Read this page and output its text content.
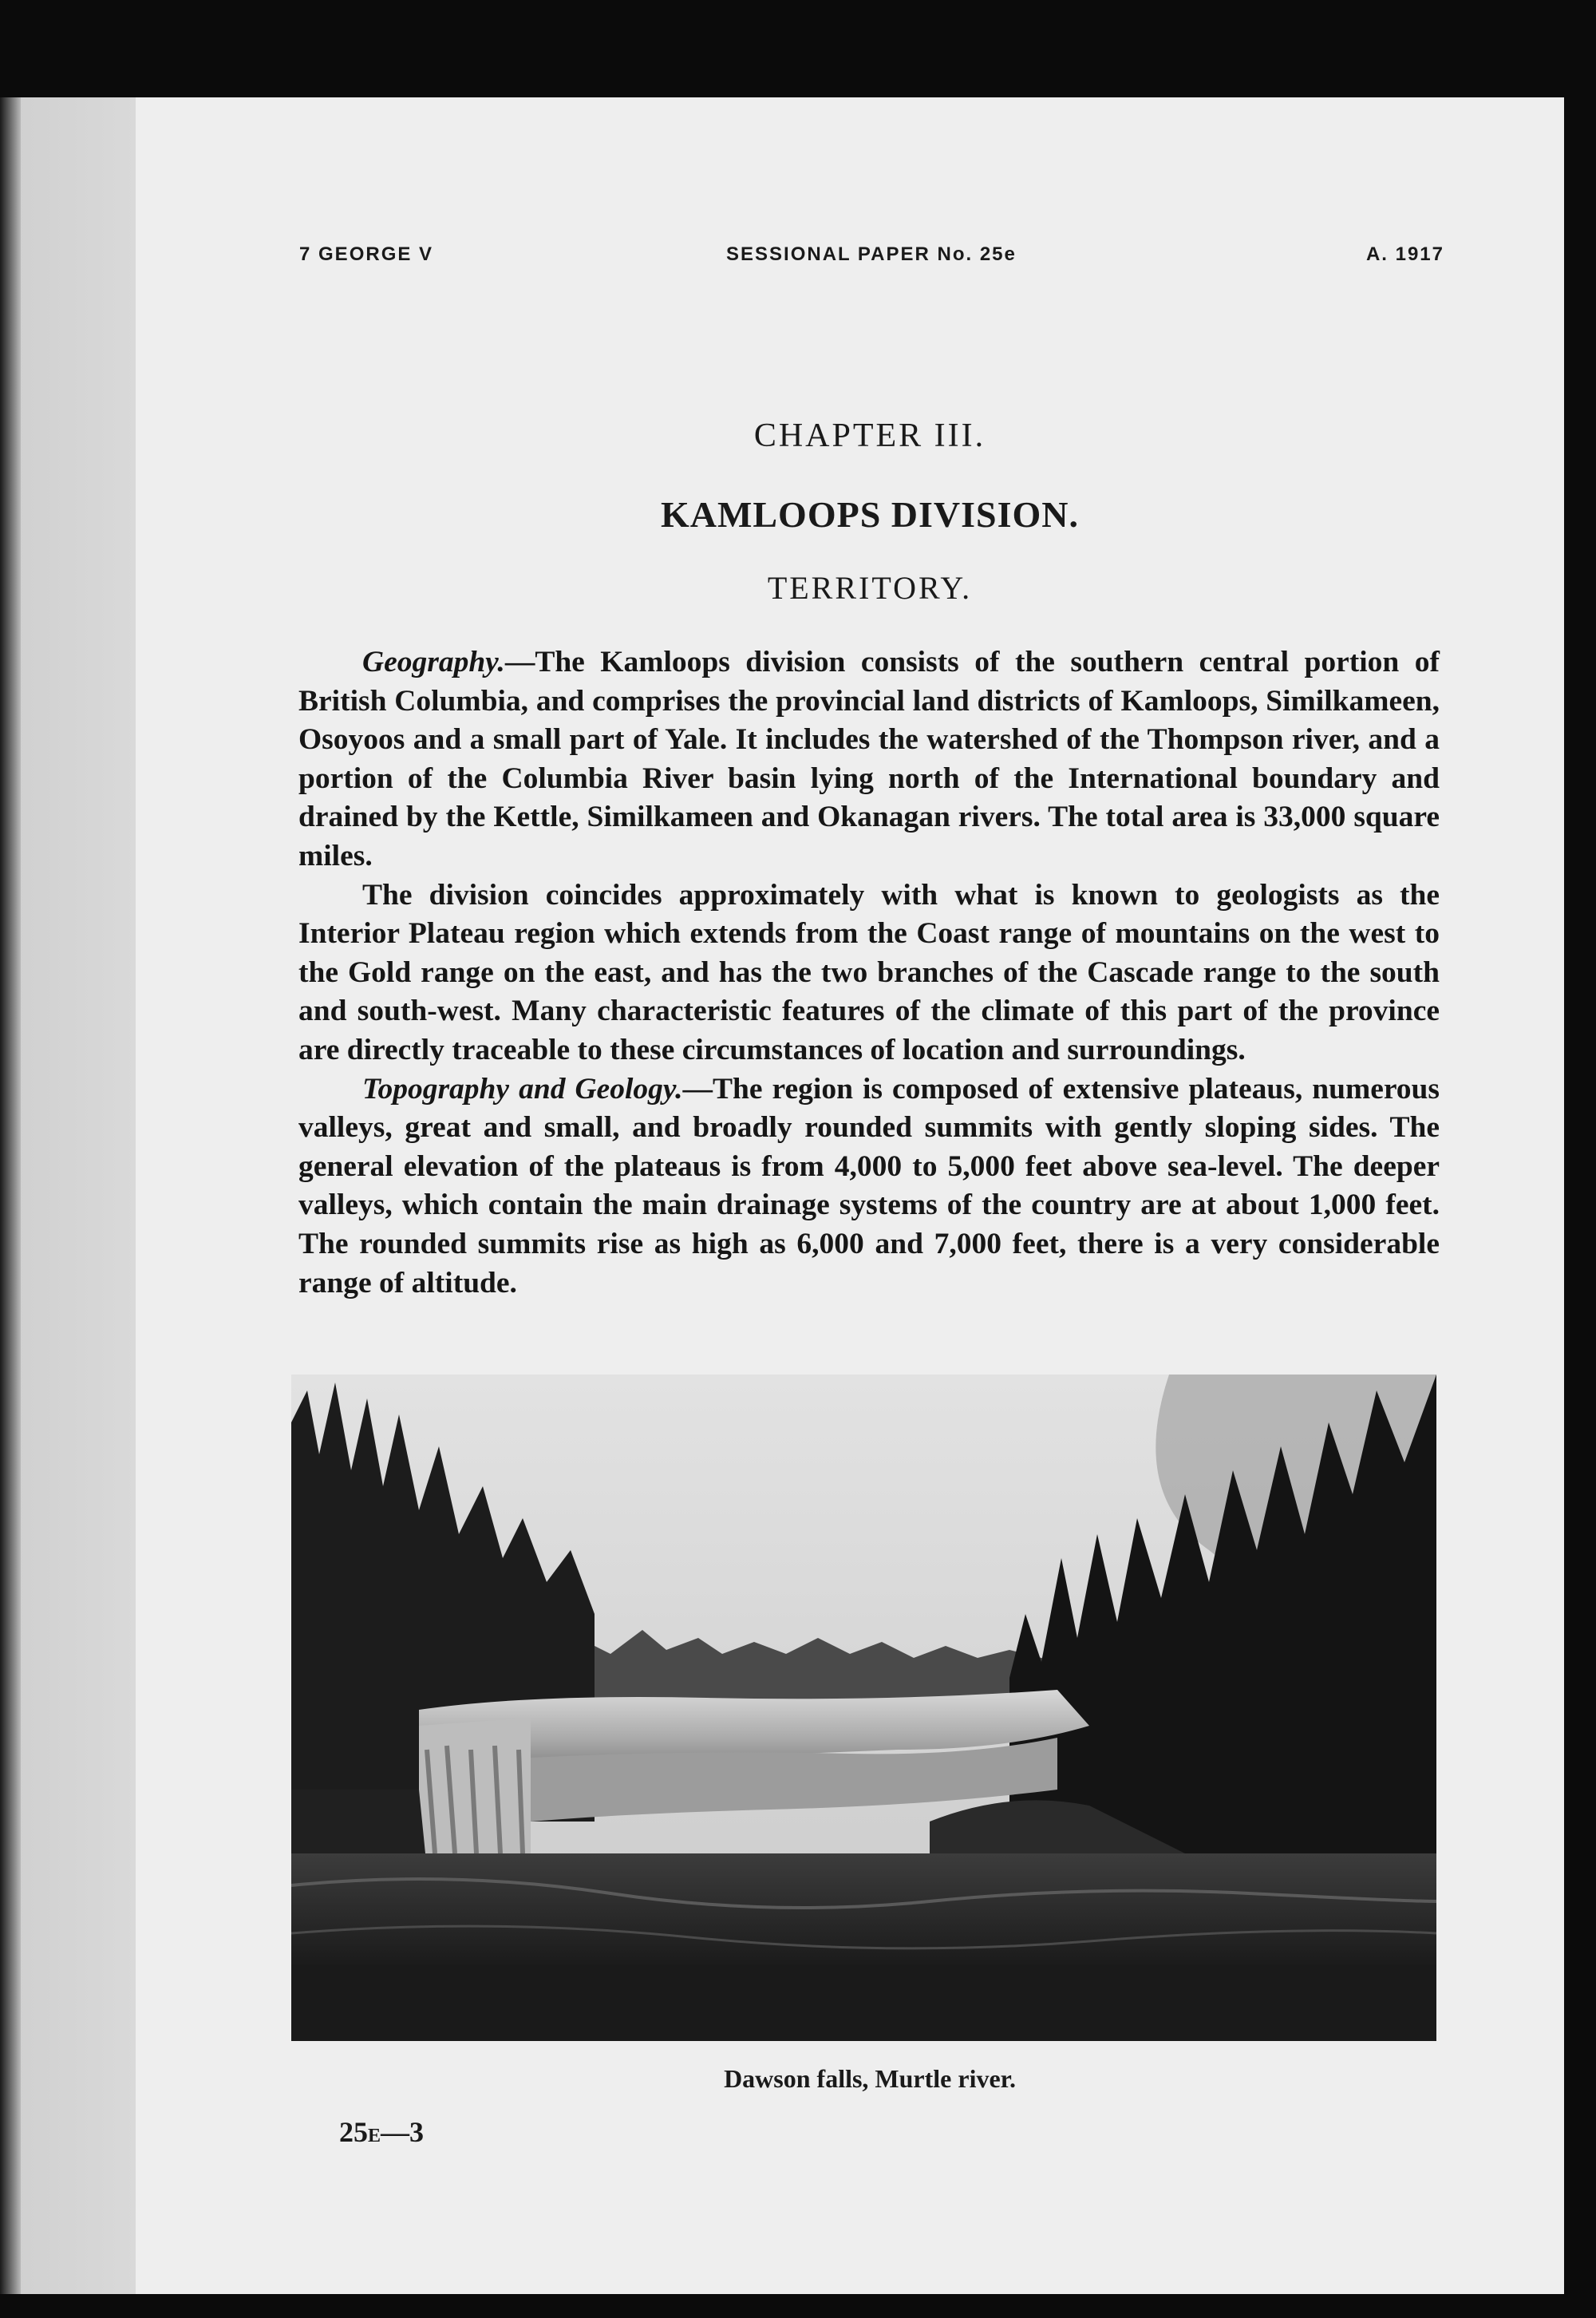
7 GEORGE V	SESSIONAL PAPER No. 25e	A. 1917
CHAPTER III.
KAMLOOPS DIVISION.
TERRITORY.

Geography.—The Kamloops division consists of the southern central portion of British Columbia, and comprises the provincial land districts of Kamloops, Similkameen, Osoyoos and a small part of Yale. It includes the watershed of the Thompson river, and a portion of the Columbia River basin lying north of the International boundary and drained by the Kettle, Similkameen and Okanagan rivers. The total area is 33,000 square miles.

The division coincides approximately with what is known to geologists as the Interior Plateau region which extends from the Coast range of mountains on the west to the Gold range on the east, and has the two branches of the Cascade range to the south and south-west. Many characteristic features of the climate of this part of the province are directly traceable to these circumstances of location and surroundings.

Topography and Geology.—The region is composed of extensive plateaus, numerous valleys, great and small, and broadly rounded summits with gently sloping sides. The general elevation of the plateaus is from 4,000 to 5,000 feet above sea-level. The deeper valleys, which contain the main drainage systems of the country are at about 1,000 feet. The rounded summits rise as high as 6,000 and 7,000 feet, there is a very considerable range of altitude.

Dawson falls, Murtle river.
25E—3
